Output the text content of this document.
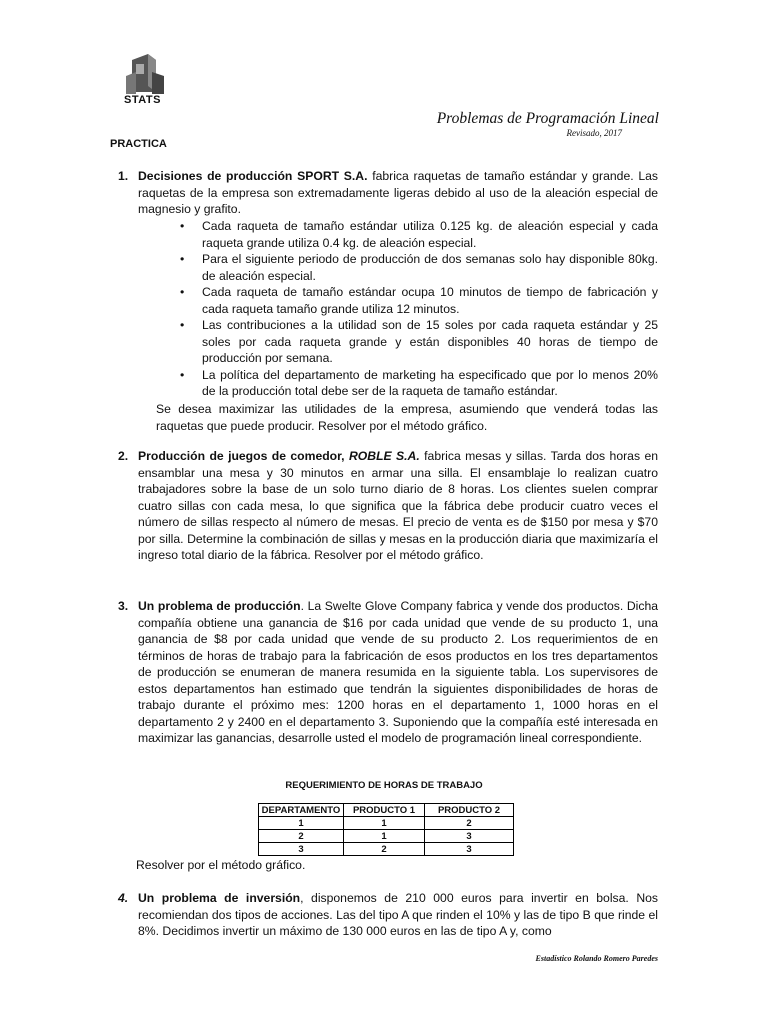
STATS
Problemas de Programación Lineal
Revisado, 2017
PRACTICA
1. Decisiones de producción SPORT S.A. fabrica raquetas de tamaño estándar y grande. Las raquetas de la empresa son extremadamente ligeras debido al uso de la aleación especial de magnesio y grafito.
• Cada raqueta de tamaño estándar utiliza 0.125 kg. de aleación especial y cada raqueta grande utiliza 0.4 kg. de aleación especial.
• Para el siguiente periodo de producción de dos semanas solo hay disponible 80kg. de aleación especial.
• Cada raqueta de tamaño estándar ocupa 10 minutos de tiempo de fabricación y cada raqueta tamaño grande utiliza 12 minutos.
• Las contribuciones a la utilidad son de 15 soles por cada raqueta estándar y 25 soles por cada raqueta grande y están disponibles 40 horas de tiempo de producción por semana.
• La política del departamento de marketing ha especificado que por lo menos 20% de la producción total debe ser de la raqueta de tamaño estándar.
Se desea maximizar las utilidades de la empresa, asumiendo que venderá todas las raquetas que puede producir. Resolver por el método gráfico.
2. Producción de juegos de comedor, ROBLE S.A. fabrica mesas y sillas. Tarda dos horas en ensamblar una mesa y 30 minutos en armar una silla. El ensamblaje lo realizan cuatro trabajadores sobre la base de un solo turno diario de 8 horas. Los clientes suelen comprar cuatro sillas con cada mesa, lo que significa que la fábrica debe producir cuatro veces el número de sillas respecto al número de mesas. El precio de venta es de $150 por mesa y $70 por silla. Determine la combinación de sillas y mesas en la producción diaria que maximizaría el ingreso total diario de la fábrica. Resolver por el método gráfico.
3. Un problema de producción. La Swelte Glove Company fabrica y vende dos productos. Dicha compañía obtiene una ganancia de $16 por cada unidad que vende de su producto 1, una ganancia de $8 por cada unidad que vende de su producto 2. Los requerimientos de en términos de horas de trabajo para la fabricación de esos productos en los tres departamentos de producción se enumeran de manera resumida en la siguiente tabla. Los supervisores de estos departamentos han estimado que tendrán la siguientes disponibilidades de horas de trabajo durante el próximo mes: 1200 horas en el departamento 1, 1000 horas en el departamento 2 y 2400 en el departamento 3. Suponiendo que la compañía esté interesada en maximizar las ganancias, desarrolle usted el modelo de programación lineal correspondiente.
REQUERIMIENTO DE HORAS DE TRABAJO
DEPARTAMENTO	PRODUCTO 1	PRODUCTO 2
1	1	2
2	1	3
3	2	3
Resolver por el método gráfico.
4. Un problema de inversión, disponemos de 210 000 euros para invertir en bolsa. Nos recomiendan dos tipos de acciones. Las del tipo A que rinden el 10% y las de tipo B que rinde el 8%. Decidimos invertir un máximo de 130 000 euros en las de tipo A y, como
Estadístico Rolando Romero Paredes
